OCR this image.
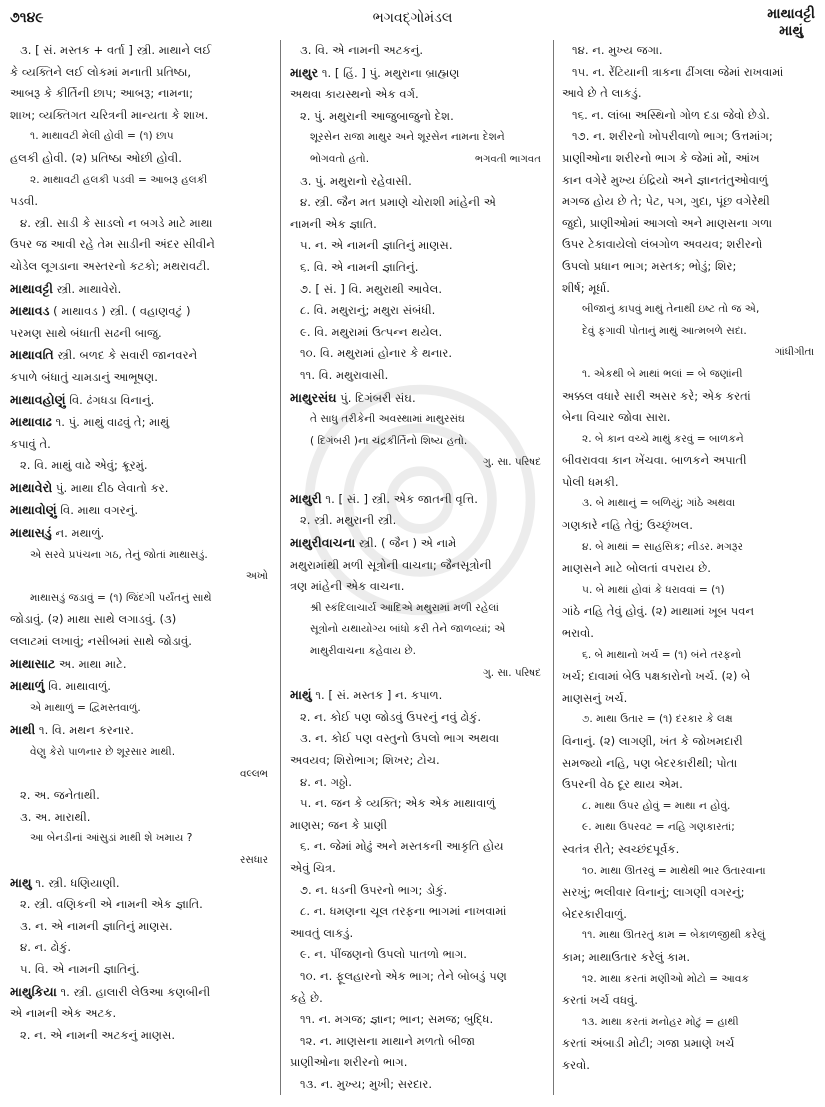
૭૧૪૯	ભગવદ્ગોમંડલ	માથાવટ્ટી
માથું
૩. [ સં. મસ્તક + વર્તા ] સ્ત્રી. માથાને લઈ
કે વ્યક્તિને લઈ લોકમાં મનાતી પ્રતિષ્ઠા,
આબરૂ કે કીર્તિની છાપ; આબરૂ; નામના;
શાખ; વ્યક્તિગત ચરિત્રની માન્યતા કે શાખ.
૧. માથાવટી મેલી હોવી = (૧) છાપ
હલકી હોવી. (૨) પ્રતિષ્ઠા ઓછી હોવી.
૨. માથાવટી હલકી પડવી = આબરૂ હલકી
પડવી.
૪. સ્ત્રી. સાડી કે સાડલો ન બગડે માટે માથા
ઉપર જ આવી રહે તેમ સાડીની અંદર સીવીને
ચોડેલ લૂગડાના અસ્તરનો કટકો; મથરાવટી.
માથાવટ્ટી સ્ત્રી. માથાવેરો.
માથાવડ ( માથાવડ ) સ્ત્રી. ( વહાણવટું )
પરમણ સાથે બંધાતી સઢની બાજુ.
માથાવતિ સ્ત્રી. બળદ કે સવારી જાનવરને
કપાળે બંધાતું ચામડાનું આભૂષણ.
માથાવહોણું વિ. ઢંગધડા વિનાનું.
માથાવાઢ ૧. પું. માથું વાઢવું તે; માથું
કપાવું તે.
૨. વિ. માથું વાઢે એવું; ક્રૂરમું.
માથાવેરો પું. માથા દીઠ લેવાતો કર.
માથાવોણું વિ. માથા વગરનું.
માથાસડું ન. મથાળું.
એ સરવે પ્રપંચના ગઠ, તેનું જોતાં માથાસડું.
અખો
માથાસડું જડાવું = (૧) જિંદગી પર્યંતનું સાથે
જોડાવું. (૨) માથા સાથે લગાડવું. (૩)
લલાટમાં લખાવું; નસીબમાં સાથે જોડાવું.
માથાસાટ અ. માથા માટે.
માથાળું વિ. માથાવાળું.
એ માથાળું = દ્વિમસ્તવાળું.
માથી ૧. વિ. મથન કરનાર.
વેણુ કેરો પાળનાર છે શૂરસાર માથી.
વલ્લભ
૨. અ. જનેતાથી.
૩. અ. મારાથી.
આ બેનડીનાં આંસુડાં માથી શે ખમાય ?
રસધાર
માથુ ૧. સ્ત્રી. ધણિયાણી.
૨. સ્ત્રી. વણિકની એ નામની એક જ્ઞાતિ.
૩. ન. એ નામની જ્ઞાતિનું માણસ.
૪. ન. ઢોકું.
૫. વિ. એ નામની જ્ઞાતિનું.
માથુકિયા ૧. સ્ત્રી. હાલારી લેઉઆ કણબીની
એ નામની એક અટક.
૨. ન. એ નામની અટકનું માણસ.
૩. વિ. એ નામની અટકનું.
માથુર ૧. [ હિં. ] પું. મથુરાના બ્રાહ્મણ
અથવા કાયસ્થનો એક વર્ગ.
૨. પું. મથુરાની આજુબાજુનો દેશ.
શૂરસેન રાજા માથુર અને શૂરસેન નામના દેશને
ભોગવતો હતો.	ભગવતી ભાગવત
૩. પું. મથુરાનો રહેવાસી.
૪. સ્ત્રી. જૈન મત પ્રમાણે ચોરાશી માંહેની એ
નામની એક જ્ઞાતિ.
૫. ન. એ નામની જ્ઞાતિનું માણસ.
૬. વિ. એ નામની જ્ઞાતિનું.
૭. [ સં. ] વિ. મથુરાથી આવેલ.
૮. વિ. મથુરાનું; મથુરા સંબંધી.
૯. વિ. મથુરામાં ઉત્પન્ન થયેલ.
૧૦. વિ. મથુરામાં હોનાર કે થનાર.
૧૧. વિ. મથુરાવાસી.
માથુરસંઘ પું. દિગંબરી સંઘ.
તે સાધુ તરીકેની અવસ્થામાં માથુરસંઘ
( દિગંબરી )ના ચંદ્રકીર્તિનો શિષ્ય હતો.
ગુ. સા. પરિષદ
માથુરી ૧. [ સં. ] સ્ત્રી. એક જાતની વૃત્તિ.
૨. સ્ત્રી. મથુરાની સ્ત્રી.
માથુરીવાચના સ્ત્રી. ( જૈન ) એ નામે
મથુરામાંથી મળી સૂત્રોની વાચના; જૈનસૂત્રોની
ત્રણ માંહેની એક વાચના.
શ્રી સ્કંદિલાચાર્ય આદિએ મથુરામાં મળી રહેલાં
સૂત્રોનો યથાયોગ્ય બાંધો કરી તેને જાળવ્યાં; એ
માથુરીવાચના કહેવાય છે.
ગુ. સા. પરિષદ
માથું ૧. [ સં. મસ્તક ] ન. કપાળ.
૨. ન. કોઈ પણ જોડવું ઉપરનું નવું ઢોકું.
૩. ન. કોઈ પણ વસ્તુનો ઉપલો ભાગ અથવા
અવયવ; શિરોભાગ; શિખર; ટોચ.
૪. ન. ગઠ્ઠો.
૫. ન. જન કે વ્યક્તિ; એક એક માથાવાળું
માણસ; જન કે પ્રાણી
૬. ન. જેમાં મોઢું અને મસ્તકની આકૃતિ હોય
એવું ચિત્ર.
૭. ન. ધડની ઉપરનો ભાગ; ડોકું.
૮. ન. ધમણના ચૂલ તરફના ભાગમાં નાખવામાં
આવતું લાકડું.
૯. ન. પીંજણનો ઉપલો પાતળો ભાગ.
૧૦. ન. ફૂલહારનો એક ભાગ; તેને બોબડું પણ
કહે છે.
૧૧. ન. મગજ; જ્ઞાન; ભાન; સમજ; બુદ્ધિ.
૧૨. ન. માણસના માથાને મળતો બીજા
પ્રાણીઓના શરીરનો ભાગ.
૧૩. ન. મુખ્ય; મુખી; સરદાર.
૧૪. ન. મુખ્ય જગા.
૧૫. ન. રેંટિયાની ત્રાકના ઢીંગલા જેમાં રાખવામાં
આવે છે તે લાકડું.
૧૬. ન. લાંબા અસ્થિનો ગોળ દડા જેવો છેડો.
૧૭. ન. શરીરનો ખોપરીવાળો ભાગ; ઉત્તમાંગ;
પ્રાણીઓના શરીરનો ભાગ કે જેમાં મોં, આંખ
કાન વગેરે મુખ્ય ઇંદ્રિયો અને જ્ઞાનતંતુઓવાળું
મગજ હોય છે તે; પેટ, પગ, ગુદા, પૂંછ વગેરેથી
જુદો, પ્રાણીઓમાં આગલો અને માણસના ગળા
ઉપર ટેકાવાયેલો લંબગોળ અવયવ; શરીરનો
ઉપલો પ્રધાન ભાગ; મસ્તક; ભોડું; શિર;
શીર્ષ; મૂર્ધા.
બીજાનું કાપવું માથું તેનાથી ઇષ્ટ તો જ એ,
દેવું ફગાવી પોતાનું માથું આત્મબળે સદા.
ગાંધીગીતા
૧. એકથી બે માથાં ભલાં = બે જણાંની
અક્કલ વધારે સારી અસર કરે; એક કરતાં
બેના વિચાર જોવા સારા.
૨. બે કાન વચ્ચે માથું કરવું = બાળકને
બીવરાવવા કાન ખેંચવા. બાળકને અપાતી
પોલી ધમકી.
૩. બે માથાનું = બળિયું; ગાંઠે અથવા
ગણકારે નહિ તેવું; ઉચ્છૃંખલ.
૪. બે માથાં = સાહસિક; નીડર. મગરૂર
માણસને માટે બોલતાં વપરાય છે.
૫. બે માથાં હોવાં કે ધરાવવાં = (૧)
ગાંઠે નહિ તેવું હોવું. (૨) માથામાં ખૂબ પવન
ભરાવો.
૬. બે માથાનો ખર્ચ = (૧) બંને તરફનો
ખર્ચ; દાવામાં બેઉ પક્ષકારોનો ખર્ચ. (૨) બે
માણસનું ખર્ચ.
૭. માથા ઉતાર = (૧) દરકાર કે લક્ષ
વિનાનું. (૨) લાગણી, ખંત કે જોખમદારી
સમજ્યો નહિ, પણ બેદરકારીથી; પોતા
ઉપરની વેઠ દૂર થાય એમ.
૮. માથા ઉપર હોવું = માથા ન હોવું.
૯. માથા ઉપરવટ = નહિ ગણકારતાં;
સ્વતંત્ર રીતે; સ્વચ્છંદપૂર્વક.
૧૦. માથા ઊતરવું = માથેથી ભાર ઉતારવાના
સરખું; ભલીવાર વિનાનું; લાગણી વગરનું;
બેદરકારીવાળું.
૧૧. માથા ઊતરતું કામ = બેકાળજીથી કરેલું
કામ; માથાઉતાર કરેલું કામ.
૧૨. માથા કરતાં મણીઓ મોટો = આવક
કરતાં ખર્ચ વધવું.
૧૩. માથા કરતાં મનોહર મોટું = હાથી
કરતાં અંબાડી મોટી; ગજા પ્રમાણે ખર્ચ
કરવો.
